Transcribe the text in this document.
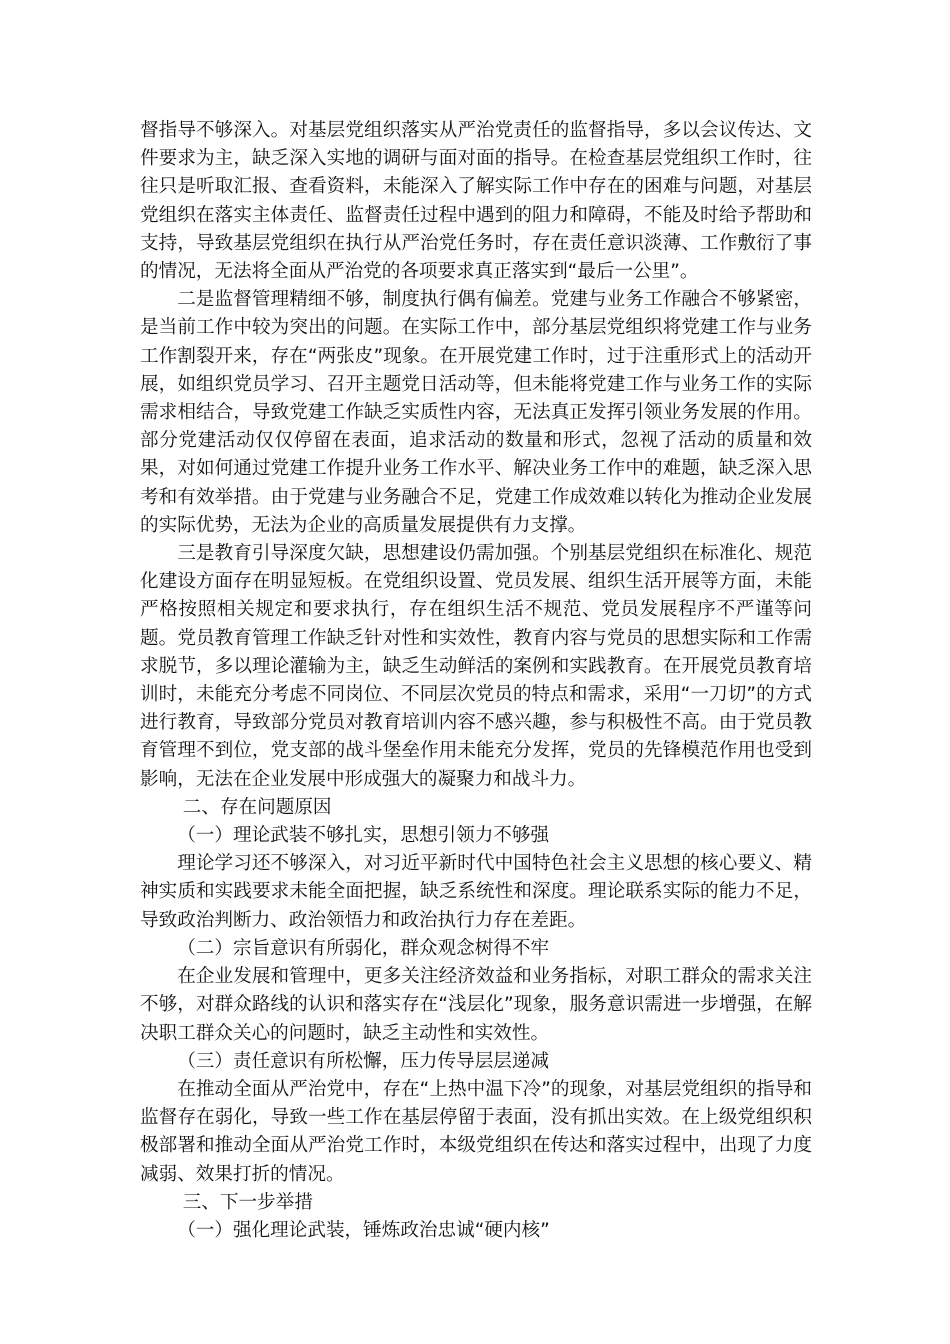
督指导不够深入。对基层党组织落实从严治党责任的监督指导，多以会议传达、文件要求为主，缺乏深入实地的调研与面对面的指导。在检查基层党组织工作时，往往只是听取汇报、查看资料，未能深入了解实际工作中存在的困难与问题，对基层党组织在落实主体责任、监督责任过程中遇到的阻力和障碍，不能及时给予帮助和支持，导致基层党组织在执行从严治党任务时，存在责任意识淡薄、工作敷衍了事的情况，无法将全面从严治党的各项要求真正落实到“最后一公里”。

二是监督管理精细不够，制度执行偶有偏差。党建与业务工作融合不够紧密，是当前工作中较为突出的问题。在实际工作中，部分基层党组织将党建工作与业务工作割裂开来，存在“两张皮”现象。在开展党建工作时，过于注重形式上的活动开展，如组织党员学习、召开主题党日活动等，但未能将党建工作与业务工作的实际需求相结合，导致党建工作缺乏实质性内容，无法真正发挥引领业务发展的作用。部分党建活动仅仅停留在表面，追求活动的数量和形式，忽视了活动的质量和效果，对如何通过党建工作提升业务工作水平、解决业务工作中的难题，缺乏深入思考和有效举措。由于党建与业务融合不足，党建工作成效难以转化为推动企业发展的实际优势，无法为企业的高质量发展提供有力支撑。

三是教育引导深度欠缺，思想建设仍需加强。个别基层党组织在标准化、规范化建设方面存在明显短板。在党组织设置、党员发展、组织生活开展等方面，未能严格按照相关规定和要求执行，存在组织生活不规范、党员发展程序不严谨等问题。党员教育管理工作缺乏针对性和实效性，教育内容与党员的思想实际和工作需求脱节，多以理论灌输为主，缺乏生动鲜活的案例和实践教育。在开展党员教育培训时，未能充分考虑不同岗位、不同层次党员的特点和需求，采用“一刀切”的方式进行教育，导致部分党员对教育培训内容不感兴趣，参与积极性不高。由于党员教育管理不到位，党支部的战斗堡垒作用未能充分发挥，党员的先锋模范作用也受到影响，无法在企业发展中形成强大的凝聚力和战斗力。

二、存在问题原因

（一）理论武装不够扎实，思想引领力不够强

理论学习还不够深入，对习近平新时代中国特色社会主义思想的核心要义、精神实质和实践要求未能全面把握，缺乏系统性和深度。理论联系实际的能力不足，导致政治判断力、政治领悟力和政治执行力存在差距。

（二）宗旨意识有所弱化，群众观念树得不牢

在企业发展和管理中，更多关注经济效益和业务指标，对职工群众的需求关注不够，对群众路线的认识和落实存在“浅层化”现象，服务意识需进一步增强，在解决职工群众关心的问题时，缺乏主动性和实效性。

（三）责任意识有所松懈，压力传导层层递减

在推动全面从严治党中，存在“上热中温下冷”的现象，对基层党组织的指导和监督存在弱化，导致一些工作在基层停留于表面，没有抓出实效。在上级党组织积极部署和推动全面从严治党工作时，本级党组织在传达和落实过程中，出现了力度减弱、效果打折的情况。

三、下一步举措

（一）强化理论武装，锤炼政治忠诚“硬内核”
